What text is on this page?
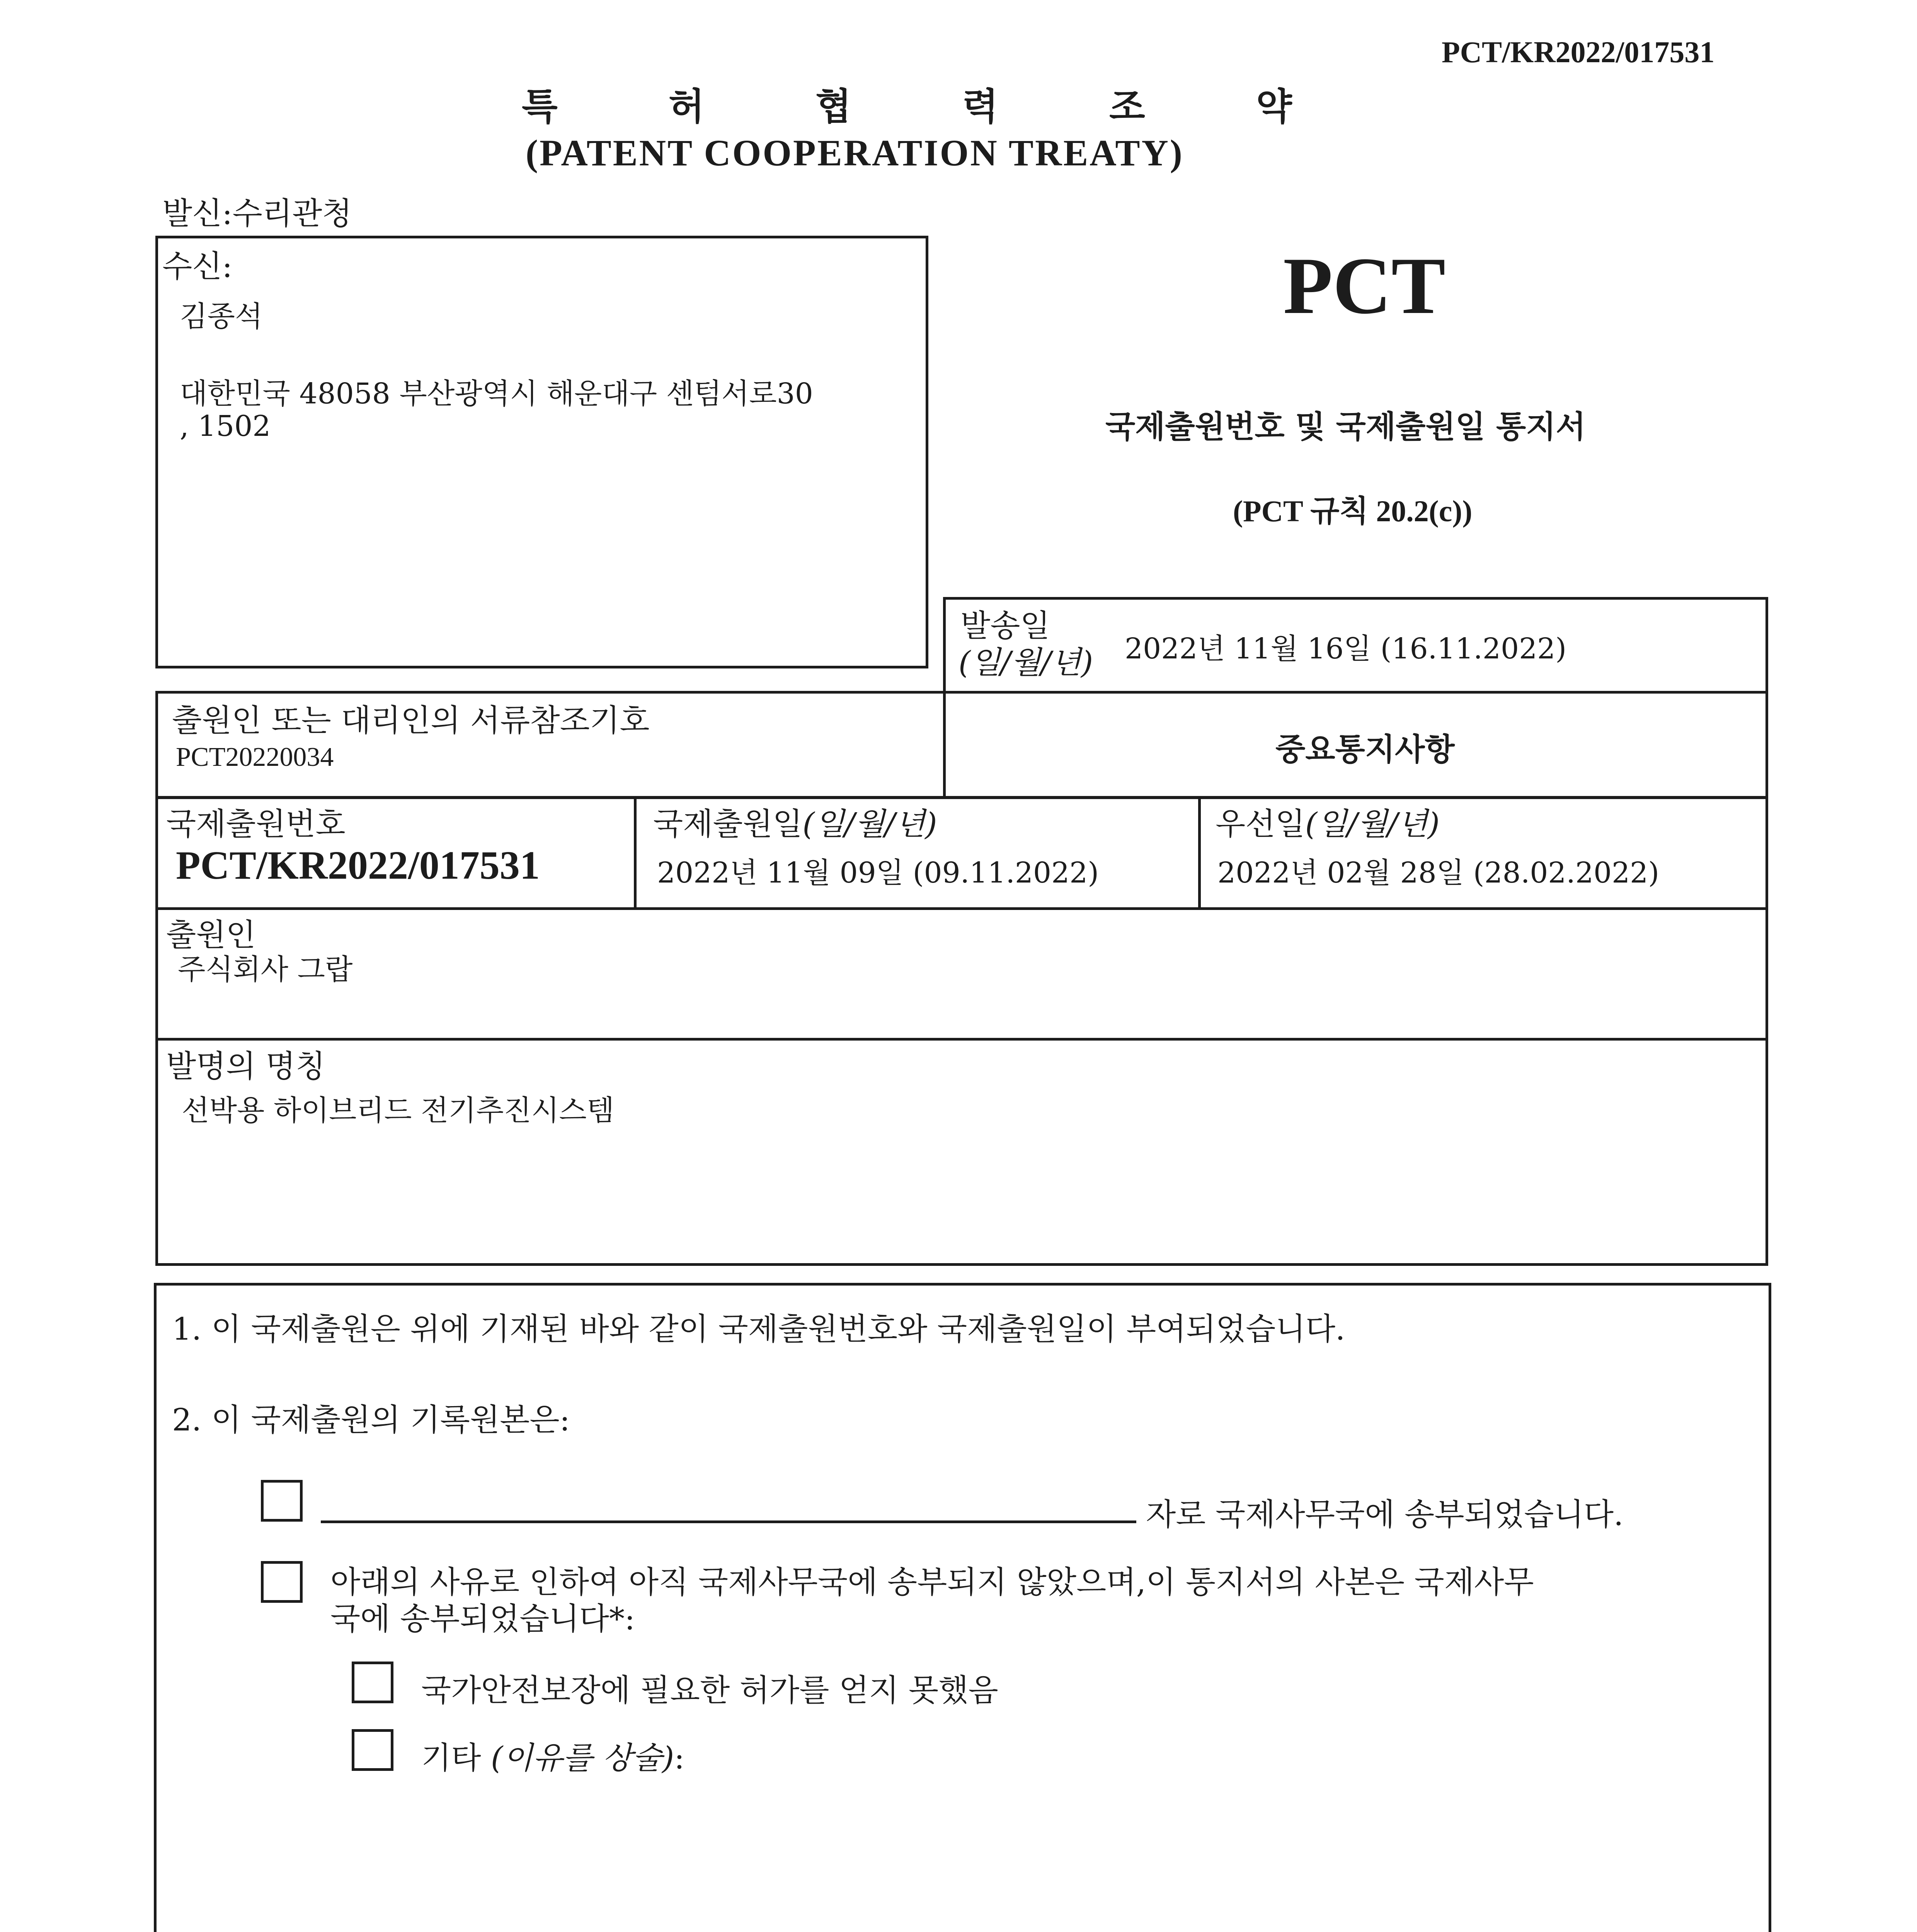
PCT/KR2022/017531
특	허	협	력	조	약
(PATENT COOPERATION TREATY)
발신:수리관청
수신:
김종석
대한민국 48058 부산광역시 해운대구 센텀서로30
, 1502
PCT
국제출원번호 및 국제출원일 통지서
(PCT 규칙 20.2(c))
발송일
(일/월/년) 2022년 11월 16일 (16.11.2022)
출원인 또는 대리인의 서류참조기호
PCT20220034	중요통지사항
국제출원번호
PCT/KR2022/017531
국제출원일(일/월/년)
2022년 11월 09일 (09.11.2022)
우선일(일/월/년)
2022년 02월 28일 (28.02.2022)
출원인
주식회사 그랍
발명의 명칭
선박용 하이브리드 전기추진시스템
1. 이 국제출원은 위에 기재된 바와 같이 국제출원번호와 국제출원일이 부여되었습니다.
2. 이 국제출원의 기록원본은:
자로 국제사무국에 송부되었습니다.
아래의 사유로 인하여 아직 국제사무국에 송부되지 않았으며,이 통지서의 사본은 국제사무
국에 송부되었습니다*:
국가안전보장에 필요한 허가를 얻지 못했음
기타 (이유를 상술):
